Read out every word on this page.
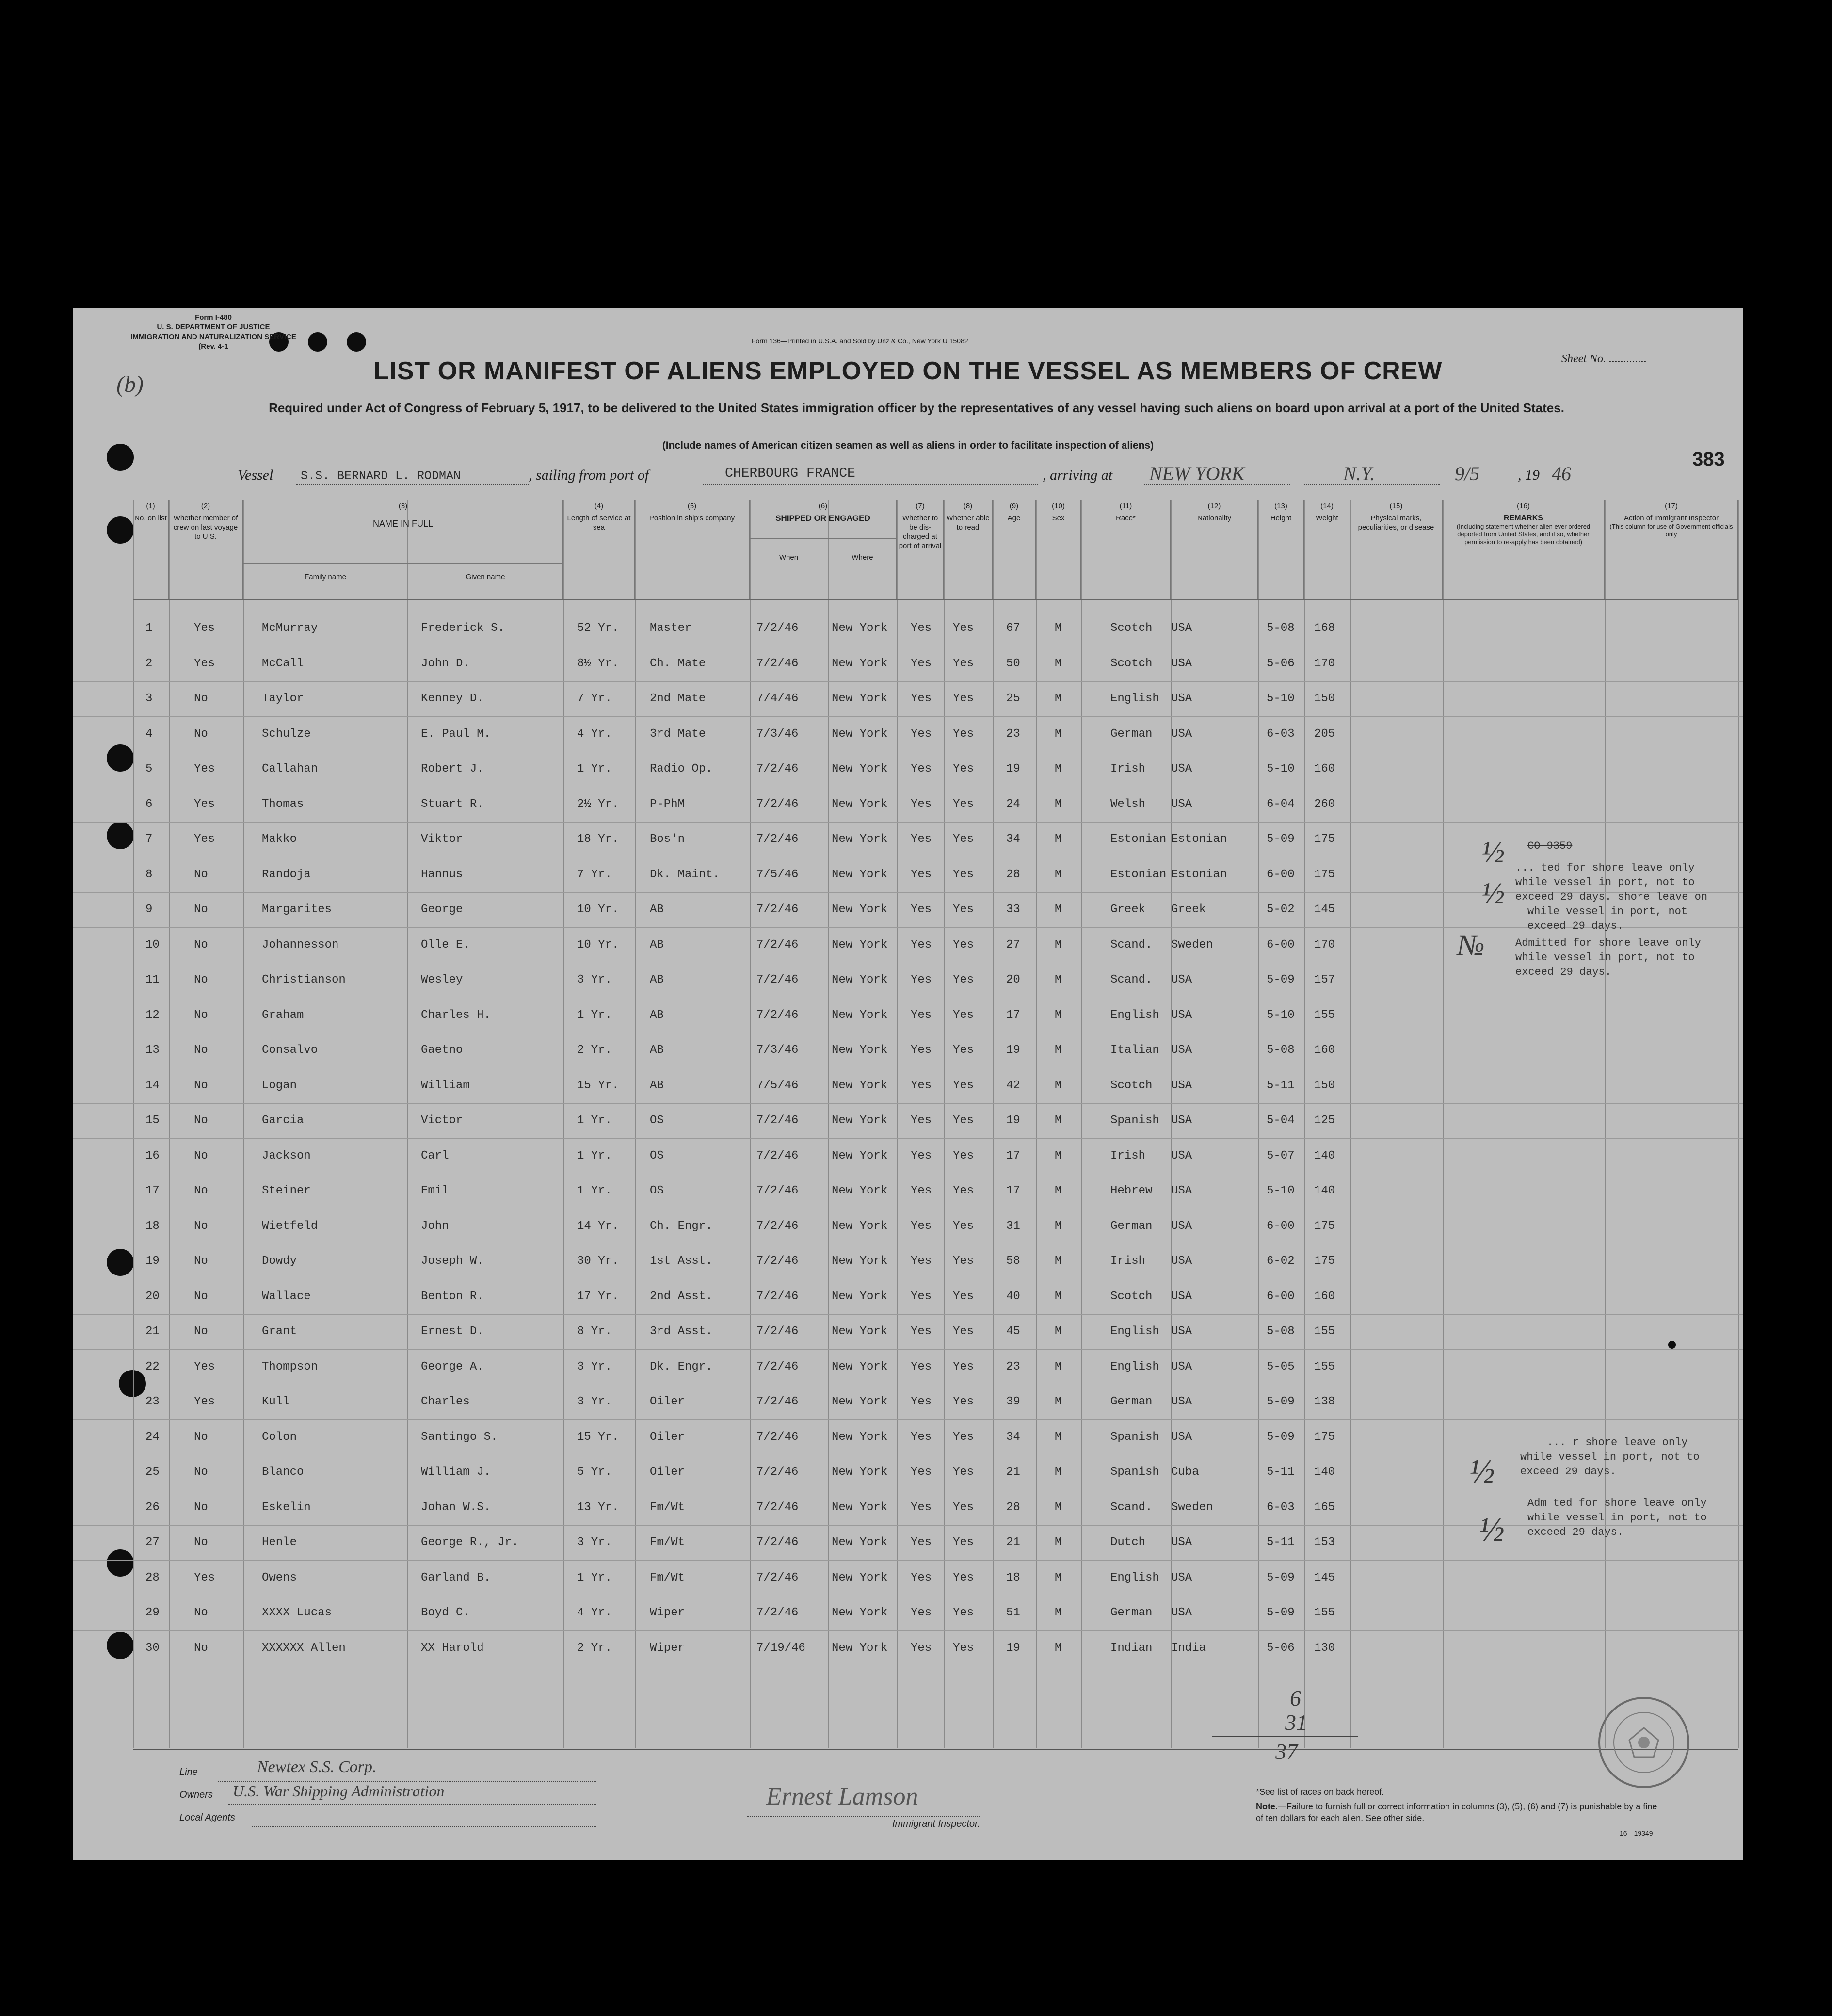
Form I-480
U. S. DEPARTMENT OF JUSTICE
IMMIGRATION AND NATURALIZATION SERVICE
(Rev. 4-1
(b)
Form 136—Printed in U.S.A. and Sold by Unz & Co., New York U 15082
Sheet No. .............
LIST OR MANIFEST OF ALIENS EMPLOYED ON THE VESSEL AS MEMBERS OF CREW
Required under Act of Congress of February 5, 1917, to be delivered to the United States immigration officer by the representatives of any vessel having such aliens on board upon arrival at a port of the United States.
(Include names of American citizen seamen as well as aliens in order to facilitate inspection of aliens)
Vessel S.S. BERNARD L. RODMAN	, sailing from port of	CHERBOURG FRANCE	, arriving at NEW YORK	N.Y.	9/5	, 19 46
383
(1)
No. on list
(2)
Whether member of crew on last voyage to U.S.
(3)
NAME IN FULL
Family name	Given name
(4)
Length of service at sea
(5)
Position in ship's company
(6)
SHIPPED OR ENGAGED
When	Where
(7)
Whether to be dis-charged at port of arrival
(8)
Whether able to read
(9)
Age
(10)
Sex
(11)
Race*
(12)
Nationality
(13)
Height
(14)
Weight
(15)
Physical marks, peculiarities, or disease
(16)
REMARKS
(Including statement whether alien ever ordered deported from United States, and if so, whether permission to re-apply has been obtained)
(17)
Action of Immigrant Inspector
(This column for use of Government officials only
1	Yes	McMurray	Frederick S.	52 Yr.	Master	7/2/46	New York Yes Yes	67	M	Scotch USA	5-08 168
2	Yes	McCall	John D.	8½ Yr.	Ch. Mate	7/2/46	New York Yes Yes	50	M	Scotch USA	5-06 170
3	No	Taylor	Kenney D.	7 Yr.	2nd Mate	7/4/46	New York Yes Yes	25	M	English USA	5-10 150
4	No	Schulze	E. Paul M.	4 Yr.	3rd Mate	7/3/46	New York Yes Yes	23	M	German USA	6-03 205
5	Yes	Callahan	Robert J.	1 Yr.	Radio Op.	7/2/46	New York Yes Yes	19	M	Irish USA	5-10 160
6	Yes	Thomas	Stuart R.	2½ Yr.	P-PhM	7/2/46	New York Yes Yes	24	M	Welsh USA	6-04 260
7	Yes	Makko	Viktor	18 Yr.	Bos'n	7/2/46	New York Yes Yes	34	M	Estonian Estonian	5-09 175
8	No	Randoja	Hannus	7 Yr.	Dk. Maint.	7/5/46	New York Yes Yes	28	M	Estonian Estonian	6-00 175
9	No	Margarites	George	10 Yr.	AB	7/2/46	New York Yes Yes	33	M	Greek Greek	5-02 145
10	No	Johannesson	Olle E.	10 Yr.	AB	7/2/46	New York Yes Yes	27	M	Scand. Sweden	6-00 170
11	No	Christianson	Wesley	3 Yr.	AB	7/2/46	New York Yes Yes	20	M	Scand. USA	5-09 157
12	No	Graham	Charles H.	1 Yr.	AB	7/2/46	New York Yes Yes	17	M	English USA	5-10 155
13	No	Consalvo	Gaetno	2 Yr.	AB	7/3/46	New York Yes Yes	19	M	Italian USA	5-08 160
14	No	Logan	William	15 Yr.	AB	7/5/46	New York Yes Yes	42	M	Scotch USA	5-11 150
15	No	Garcia	Victor	1 Yr.	OS	7/2/46	New York Yes Yes	19	M	Spanish USA	5-04 125
16	No	Jackson	Carl	1 Yr.	OS	7/2/46	New York Yes Yes	17	M	Irish USA	5-07 140
17	No	Steiner	Emil	1 Yr.	OS	7/2/46	New York Yes Yes	17	M	Hebrew USA	5-10 140
18	No	Wietfeld	John	14 Yr.	Ch. Engr.	7/2/46	New York Yes Yes	31	M	German USA	6-00 175
19	No	Dowdy	Joseph W.	30 Yr.	1st Asst.	7/2/46	New York Yes Yes	58	M	Irish USA	6-02 175
20	No	Wallace	Benton R.	17 Yr.	2nd Asst.	7/2/46	New York Yes Yes	40	M	Scotch USA	6-00 160
21	No	Grant	Ernest D.	8 Yr.	3rd Asst.	7/2/46	New York Yes Yes	45	M	English USA	5-08 155
22	Yes	Thompson	George A.	3 Yr.	Dk. Engr.	7/2/46	New York Yes Yes	23	M	English USA	5-05 155
23	Yes	Kull	Charles	3 Yr.	Oiler	7/2/46	New York Yes Yes	39	M	German USA	5-09 138
24	No	Colon	Santingo S.	15 Yr.	Oiler	7/2/46	New York Yes Yes	34	M	Spanish USA	5-09 175
25	No	Blanco	William J.	5 Yr.	Oiler	7/2/46	New York Yes Yes	21	M	Spanish Cuba	5-11 140
26	No	Eskelin	Johan W.S.	13 Yr.	Fm/Wt	7/2/46	New York Yes Yes	28	M	Scand. Sweden	6-03 165
27	No	Henle	George R., Jr.	3 Yr.	Fm/Wt	7/2/46	New York Yes Yes	21	M	Dutch USA	5-11 153
28	Yes	Owens	Garland B.	1 Yr.	Fm/Wt	7/2/46	New York Yes Yes	18	M	English USA	5-09 145
29	No	XXXX Lucas	Boyd C.	4 Yr.	Wiper	7/2/46	New York Yes Yes	51	M	German USA	5-09 155
30	No	XXXXXX Allen	XX Harold	2 Yr.	Wiper	7/19/46 New York Yes Yes	19	M	Indian India	5-06 130
½
½
№
CO-9359
... ted for shore leave only
while vessel in port, not to
exceed 29 days. shore leave on
while vessel in port, not
exceed 29 days.
Admitted for shore leave only
while vessel in port, not to
exceed 29 days.
½
½
... r shore leave only
while vessel in port, not to
exceed 29 days.
Adm ted for shore leave only
while vessel in port, not to
exceed 29 days.
6
31
37
Line	Newtex S.S. Corp.
Owners U.S. War Shipping Administration
Local Agents
Ernest Lamson
Immigrant Inspector.
*See list of races on back hereof.
Note.—Failure to furnish full or correct information in columns (3), (5), (6) and (7) is punishable by a fine of ten dollars for each alien. See other side.
16—19349
